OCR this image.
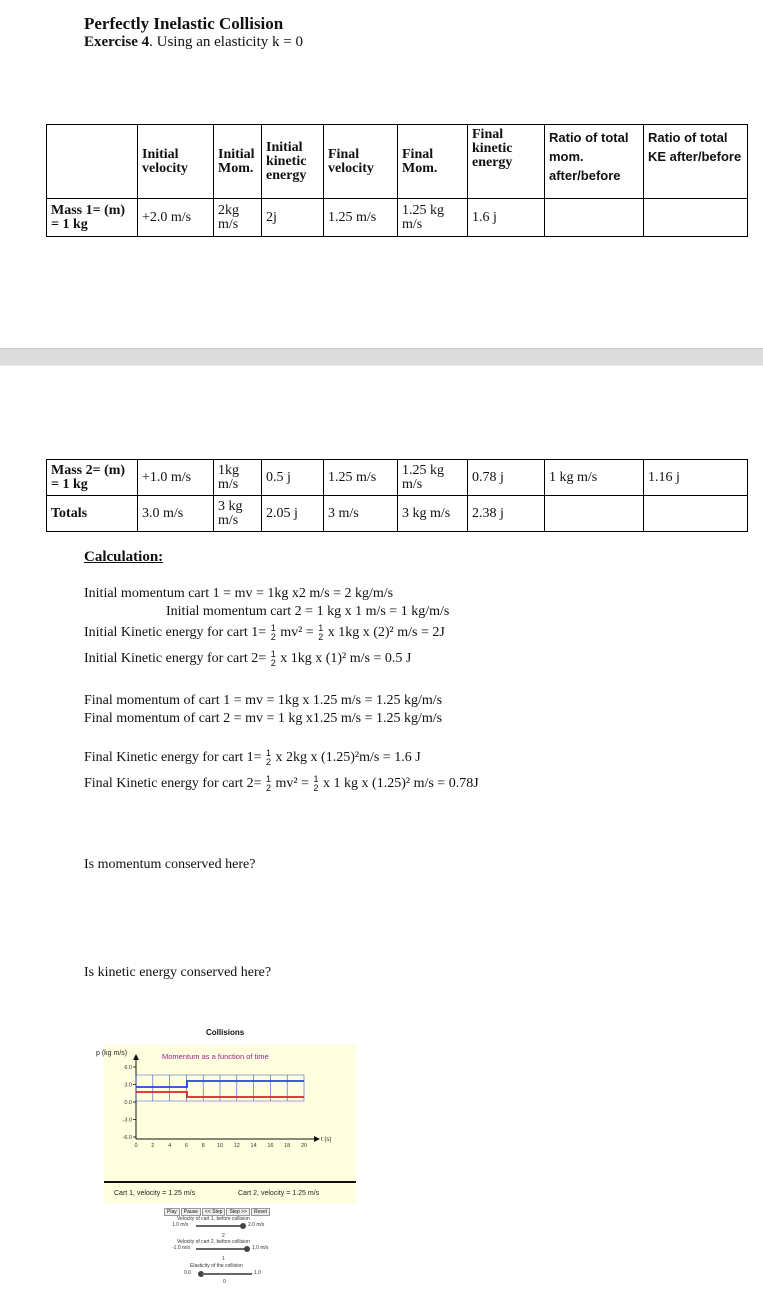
Perfectly Inelastic Collision
Exercise 4. Using an elasticity k = 0
	Initial velocity	Initial Mom.	Initial kinetic energy	Final velocity	Final Mom.	Final kinetic energy	Ratio of total mom. after/before	Ratio of total KE after/before
Mass 1= (m) = 1 kg	+2.0 m/s	2kg m/s	2j	1.25 m/s	1.25 kg m/s	1.6 j		
Mass 2= (m) = 1 kg	+1.0 m/s	1kg m/s	0.5 j	1.25 m/s	1.25 kg m/s	0.78 j	1 kg m/s	1.16 j
Totals	3.0 m/s	3 kg m/s	2.05 j	3 m/s	3 kg m/s	2.38 j		
Calculation:
Initial momentum cart 1 = mv = 1kg x2 m/s = 2 kg/m/s
Initial momentum cart 2 = 1 kg x 1 m/s = 1 kg/m/s
Initial Kinetic energy for cart 1= 1
2 mv² = 1
2 x 1kg x (2)² m/s = 2J
Initial Kinetic energy for cart 2= 1
2 x 1kg x (1)² m/s = 0.5 J
Final momentum of cart 1 = mv = 1kg x 1.25 m/s = 1.25 kg/m/s
Final momentum of cart 2 = mv = 1 kg x1.25 m/s = 1.25 kg/m/s
Final Kinetic energy for cart 1= 1
2 x 2kg x (1.25)²m/s = 1.6 J
Final Kinetic energy for cart 2= 1
2 mv² = 1
2 x 1 kg x (1.25)² m/s = 0.78J
Is momentum conserved here?
Is kinetic energy conserved here?
Collisions
p (kg m/s)	Momentum as a function of time
t (s)
6.0
3.0
0.0
-3.0
-6.0
0 2 4 6 8 10 12 14 16 18 20
Cart 1, velocity = 1.25 m/s	Cart 2, velocity = 1.25 m/s
Play Pause << Step Step >> Reset
Velocity of cart 1, before collision
1.0 m/s	2.0 m/s
2
Velocity of cart 2, before collision
-1.0 m/s	1.0 m/s
1
Elasticity of the collision
0.0	1.0
0
